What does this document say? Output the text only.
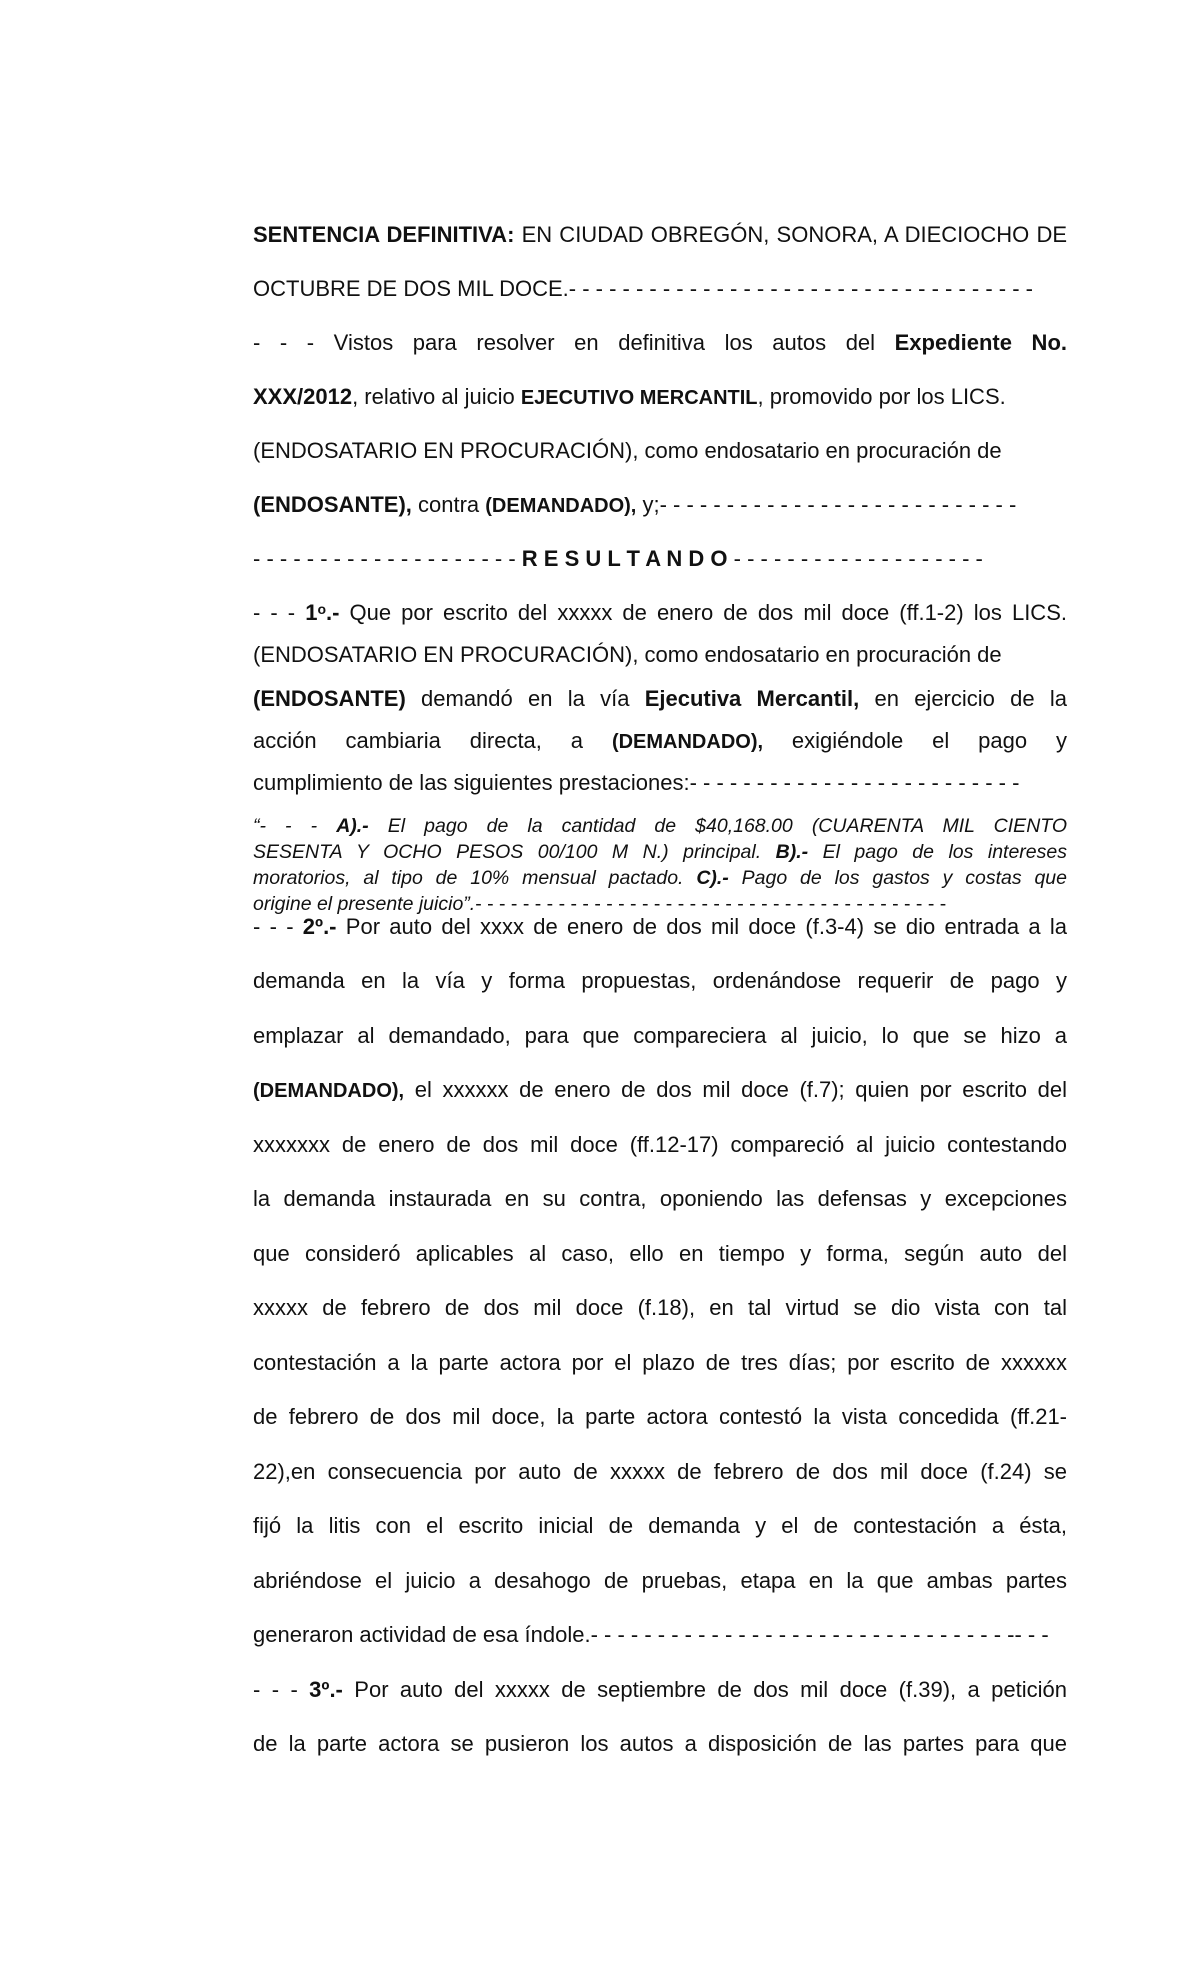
SENTENCIA DEFINITIVA: EN CIUDAD OBREGÓN, SONORA, A DIECIOCHO DE
OCTUBRE DE DOS MIL DOCE.- - - - - - - - - - - - - - - - - - - - - - - - - - - - - - - - - - -
- - - Vistos para resolver en definitiva los autos del Expediente No.
XXX/2012, relativo al juicio EJECUTIVO MERCANTIL, promovido por los LICS.
(ENDOSATARIO EN PROCURACIÓN), como endosatario en procuración de
(ENDOSANTE), contra (DEMANDADO), y;- - - - - - - - - - - - - - - - - - - - - - - - - - -
- - - - - - - - - - - - - - - - - - - - R E S U L T A N D O - - - - - - - - - - - - - - - - - - -
- - - 1$^o$.- Que por escrito del xxxxx de enero de dos mil doce (ff.1-2) los LICS.
(ENDOSATARIO EN PROCURACIÓN), como endosatario en procuración de
(ENDOSANTE) demandó en la vía Ejecutiva Mercantil, en ejercicio de la
acción cambiaria directa, a (DEMANDADO), exigiéndole el pago y
cumplimiento de las siguientes prestaciones:- - - - - - - - - - - - - - - - - - - - - - - - -
“- - - A).- El pago de la cantidad de $40,168.00 (CUARENTA MIL CIENTO
SESENTA Y OCHO PESOS 00/100 M N.) principal. B).- El pago de los intereses
moratorios, al tipo de 10% mensual pactado. C).- Pago de los gastos y costas que
origine el presente juicio”.- - - - - - - - - - - - - - - - - - - - - - - - - - - - - - - - - - - - - - - -
- - - 2º.- Por auto del xxxx de enero de dos mil doce (f.3-4) se dio entrada a la
demanda en la vía y forma propuestas, ordenándose requerir de pago y
emplazar al demandado, para que compareciera al juicio, lo que se hizo a
(DEMANDADO), el xxxxxx de enero de dos mil doce (f.7); quien por escrito del
xxxxxxx de enero de dos mil doce (ff.12-17) compareció al juicio contestando
la demanda instaurada en su contra, oponiendo las defensas y excepciones
que consideró aplicables al caso, ello en tiempo y forma, según auto del
xxxxx de febrero de dos mil doce (f.18), en tal virtud se dio vista con tal
contestación a la parte actora por el plazo de tres días; por escrito de xxxxxx
de febrero de dos mil doce, la parte actora contestó la vista concedida (ff.21-
22),en consecuencia por auto de xxxxx de febrero de dos mil doce (f.24) se
fijó la litis con el escrito inicial de demanda y el de contestación a ésta,
abriéndose el juicio a desahogo de pruebas, etapa en la que ambas partes
generaron actividad de esa índole.- - - - - - - - - - - - - - - - - - - - - - - - - - - - - - - -- - -
- - - 3º.- Por auto del xxxxx de septiembre de dos mil doce (f.39), a petición
de la parte actora se pusieron los autos a disposición de las partes para que
